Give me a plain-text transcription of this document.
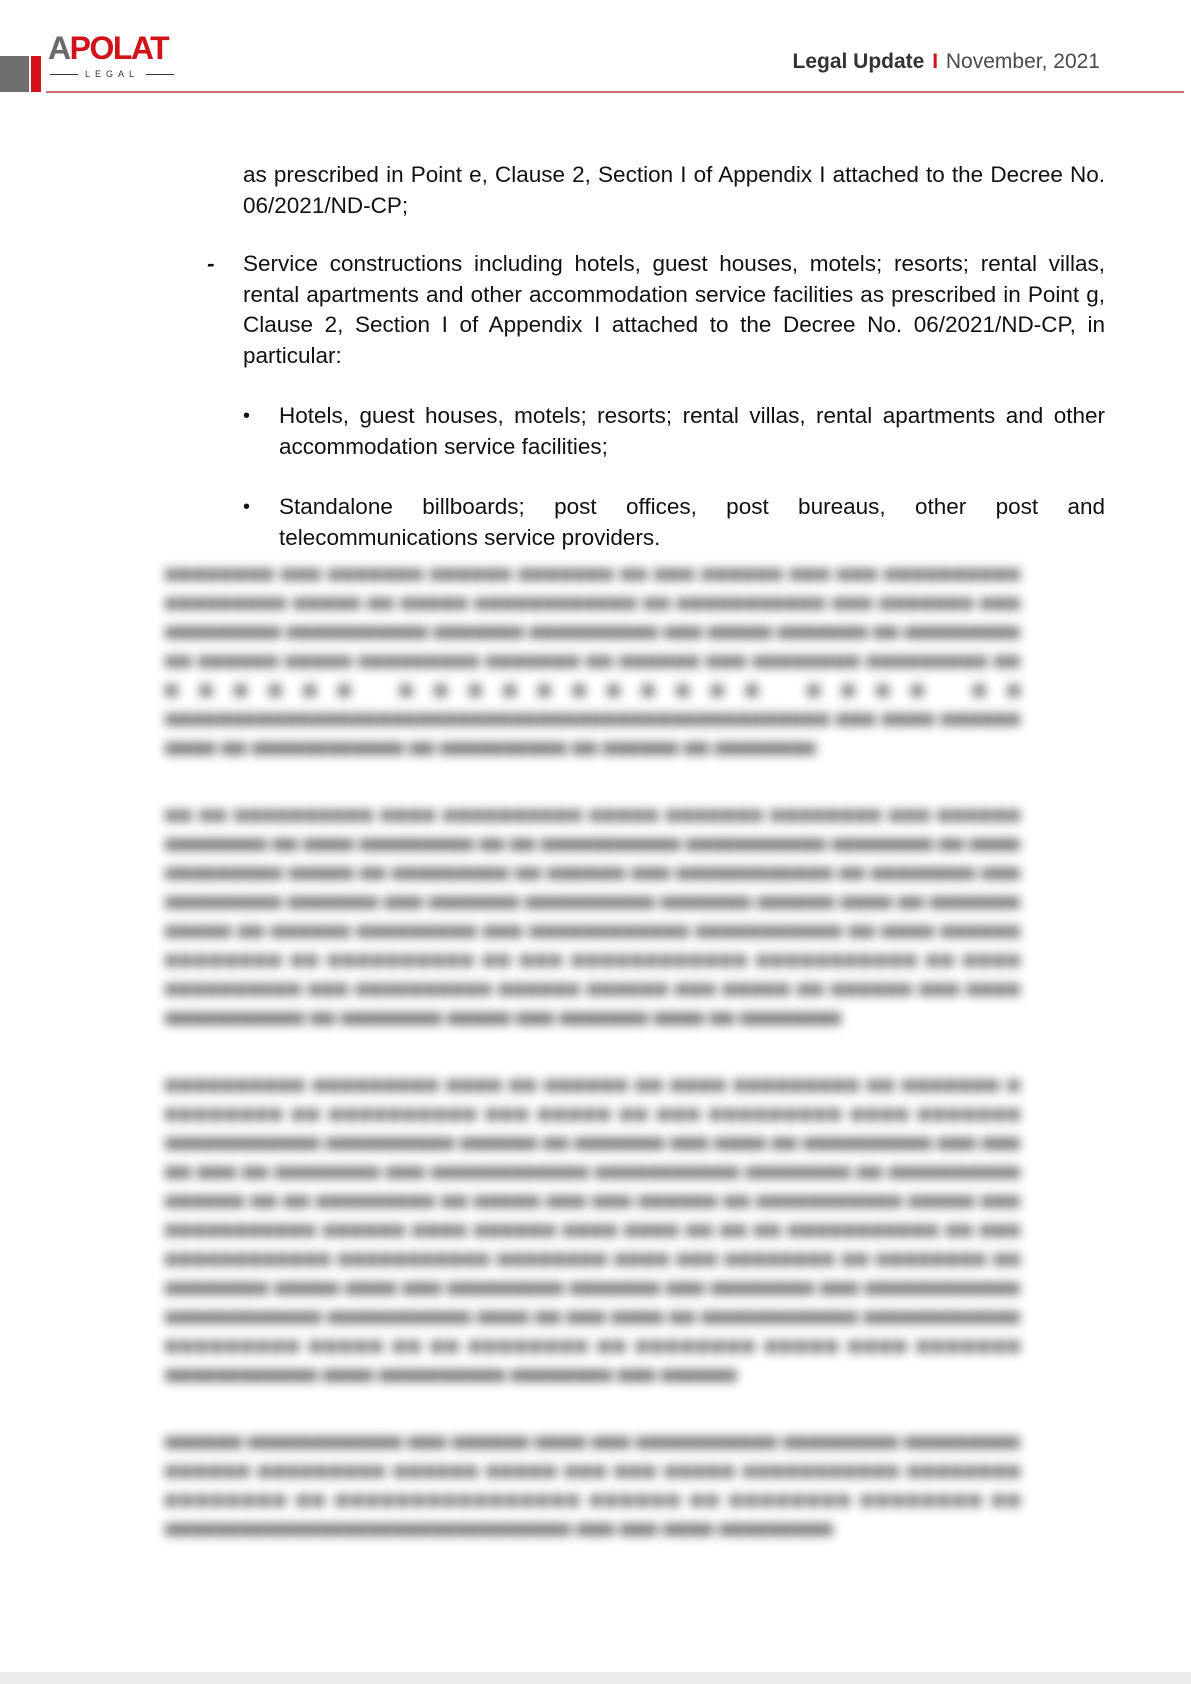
APOLAT
LEGAL
Legal Update I November, 2021

as prescribed in Point e, Clause 2, Section I of Appendix I attached to the Decree No. 06/2021/ND-CP;

- Service constructions including hotels, guest houses, motels; resorts; rental villas, rental apartments and other accommodation service facilities as prescribed in Point g, Clause 2, Section I of Appendix I attached to the Decree No. 06/2021/ND-CP, in particular:

• Hotels, guest houses, motels; resorts; rental villas, rental apartments and other accommodation service facilities;

• Standalone billboards; post offices, post bureaus, other post and telecommunications service providers.

■■■■■■■■ ■■■ ■■■■■■■ ■■■■■■ ■■■■■■■ ■■ ■■■ ■■■■■■ ■■■ ■■■ ■■■■■■■■■■ ■■■■■■■■■ ■■■■■ ■■ ■■■■■ ■■■■■■■■■■■■ ■■ ■■■■■■■■■■■ ■■■ ■■■■■■■ ■■■ ■■■■■■■■■ ■■■■■■■■■■■ ■■■■■■■ ■■■■■■■■■■ ■■■ ■■■■■ ■■■■■■■ ■■ ■■■■■■■■■ ■■ ■■■■■■ ■■■■■ ■■■■■■■■■ ■■■■■■■ ■■ ■■■■■■ ■■■ ■■■■■■■■ ■■■■■■■■■ ■■ ■■■■■■ ■■■■■■■■■■■ ■■■■ ■■ ■■■■■■■■■■■■■■■■■■■■■■■■■■■■■■■■■■■■■■■■■■■■■■■■■■ ■■■ ■■■■ ■■■■■■ ■■■■ ■■ ■■■■■■■■■■■■ ■■ ■■■■■■■■■■ ■■ ■■■■■■ ■■ ■■■■■■■■

■■ ■■ ■■■■■■■■■■ ■■■■ ■■■■■■■■■■ ■■■■■ ■■■■■■■ ■■■■■■■■ ■■■ ■■■■■■ ■■■■■■■■ ■■ ■■■■ ■■■■■■■■■ ■■ ■■ ■■■■■■■■■■■ ■■■■■■■■■■■ ■■■■■■■■ ■■ ■■■■ ■■■■■■■■■ ■■■■■ ■■ ■■■■■■■■■ ■■ ■■■■■■ ■■■ ■■■■■■■■■■■■ ■■ ■■■■■■■■ ■■■ ■■■■■■■■■ ■■■■■■■ ■■■ ■■■■■■■ ■■■■■■■■■■ ■■■■■■■ ■■■■■■ ■■■■ ■■ ■■■■■■■ ■■■■■ ■■ ■■■■■■ ■■■■■■■■■ ■■■ ■■■■■■■■■■■■ ■■■■■■■■■■■ ■■ ■■■■ ■■■■■■ ■■■■■■■■ ■■ ■■■■■■■■■■ ■■ ■■■ ■■■■■■■■■■■■ ■■■■■■■■■■■ ■■ ■■■■ ■■■■■■■■■■ ■■■ ■■■■■■■■■■ ■■■■■■ ■■■■■■ ■■■ ■■■■■ ■■ ■■■■■■ ■■■ ■■■■ ■■■■■■■■■■■ ■■ ■■■■■■■■ ■■■■■ ■■■ ■■■■■■■ ■■■■ ■■ ■■■■■■■■

■■■■■■■■■■ ■■■■■■■■■ ■■■■ ■■ ■■■■■■ ■■ ■■■■ ■■■■■■■■■ ■■ ■■■■■■■ ■ ■■■■■■■■ ■■ ■■■■■■■■■■ ■■■ ■■■■■ ■■ ■■■ ■■■■■■■■■ ■■■■ ■■■■■■■ ■■■■■■■■■■■■ ■■■■■■■■■■ ■■■■■■ ■■ ■■■■■■■ ■■■ ■■■■ ■■ ■■■■■■■■■■ ■■■ ■■■ ■■ ■■■ ■■ ■■■■■■■■ ■■■ ■■■■■■■■■■■■ ■■■■■■■■■■■ ■■■■■■■■ ■■ ■■■■■■■■■■ ■■■■■■ ■■ ■■ ■■■■■■■■■ ■■ ■■■■■ ■■■ ■■■ ■■■■■■ ■■ ■■■■■■■■■■■ ■■■■■ ■■■ ■■■■■■■■■■■ ■■■■■■ ■■■■ ■■■■■■ ■■■■ ■■■■ ■■ ■■ ■■ ■■■■■■■■■■■ ■■ ■■■ ■■■■■■■■■■■■ ■■■■■■■■■■■ ■■■■■■■■ ■■■■ ■■■ ■■■■■■■■ ■■ ■■■■■■■■ ■■ ■■■■■■■■ ■■■■■ ■■■■ ■■■ ■■■■■■■■■ ■■■■■■■ ■■■ ■■■■■■■■ ■■■ ■■■■■■■■■■■■ ■■■■■■■■■■■■ ■■■■■■■■■■■ ■■■■ ■■ ■■■ ■■■■ ■■ ■■■■■■■■■■■■ ■■■■■■■■■■■■ ■■■■■■■■■ ■■■■■ ■■ ■■ ■■■■■■■■ ■■ ■■■■■■■■ ■■■■■ ■■■■ ■■■■■■■ ■■■■■■■■■■■■ ■■■■ ■■■■■■■■■■ ■■■■■■■■ ■■■ ■■■■■■

■■■■■■ ■■■■■■■■■■■■ ■■■ ■■■■■■ ■■■■ ■■■ ■■■■■■■■■■■ ■■■■■■■■■ ■■■■■■■■■ ■■■■■■ ■■■■■■■■■ ■■■■■■ ■■■■■ ■■■ ■■■ ■■■■■ ■■■■■■■■■■■ ■■■■■■■■ ■■■■■■■■ ■■ ■■■■■■■■■■■■■■■■ ■■■■■■ ■■ ■■■■■■■■ ■■■■■■■■ ■■ ■■■■■■■■■■■■■■■■■■■■■■■■■■■■■■■■ ■■■ ■■■ ■■■■ ■■■■■■■■■
